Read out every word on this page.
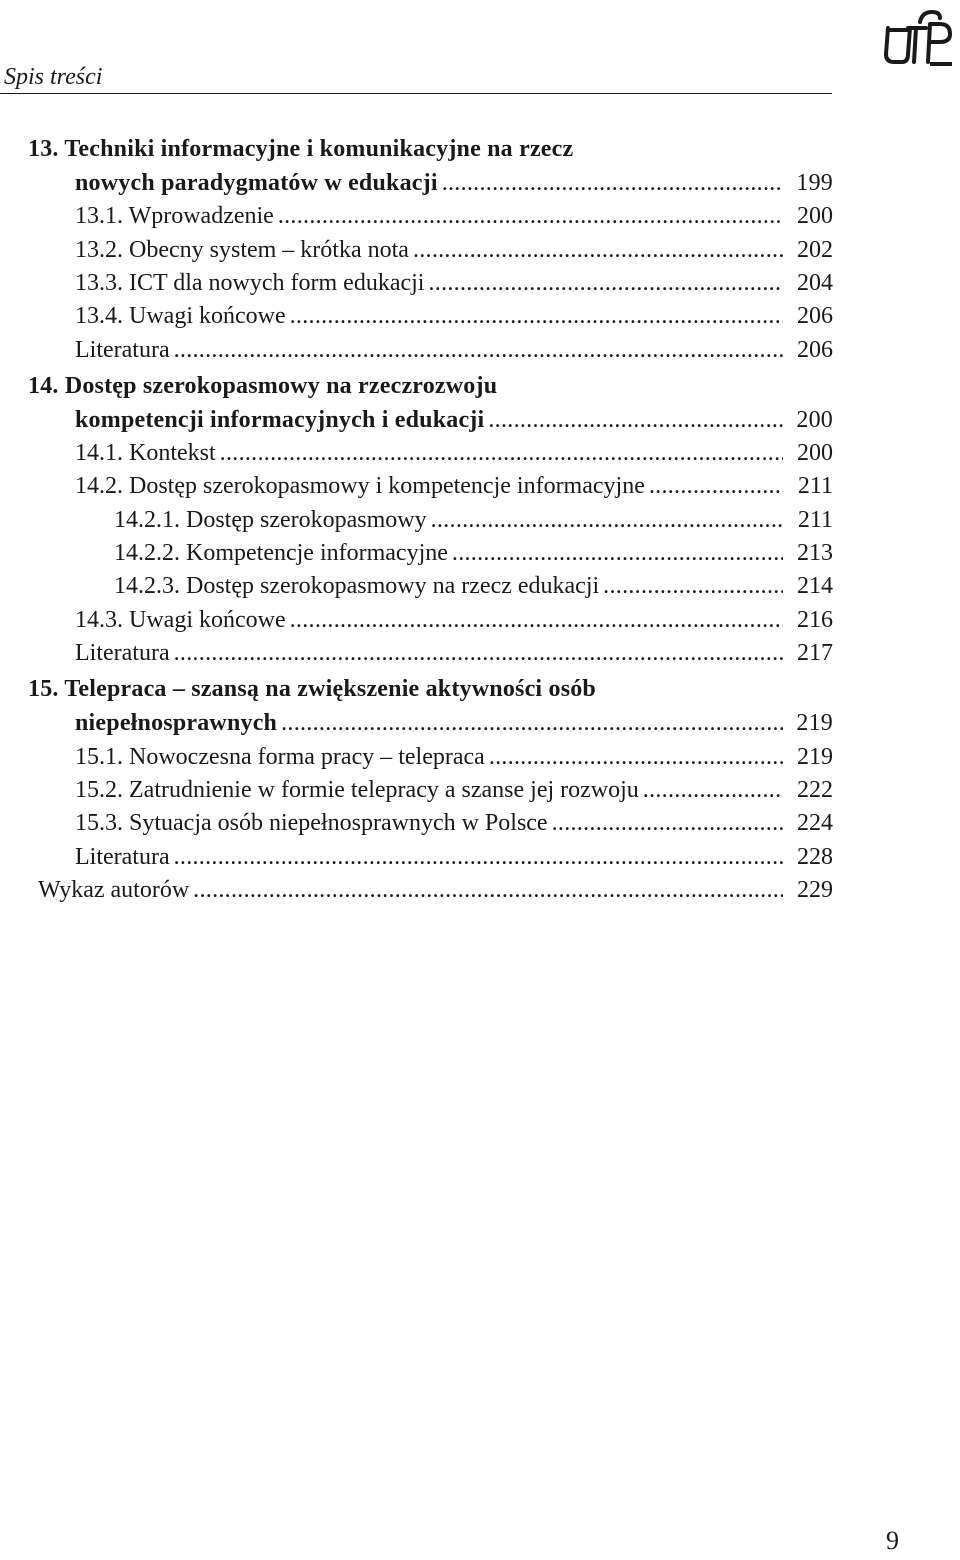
Spis treści
13. Techniki informacyjne i komunikacyjne na rzecz
nowych paradygmatów w edukacji .....	199
13.1. Wprowadzenie .....	200
13.2. Obecny system – krótka nota .....	202
13.3. ICT dla nowych form edukacji .....	204
13.4. Uwagi końcowe .....	206
Literatura .....	206
14. Dostęp szerokopasmowy na rzeczrozwoju
kompetencji informacyjnych i edukacji .....	200
14.1. Kontekst .....	200
14.2. Dostęp szerokopasmowy i kompetencje informacyjne .....	211
14.2.1. Dostęp szerokopasmowy .....	211
14.2.2. Kompetencje informacyjne .....	213
14.2.3. Dostęp szerokopasmowy na rzecz edukacji .....	214
14.3. Uwagi końcowe .....	216
Literatura .....	217
15. Telepraca – szansą na zwiększenie aktywności osób
niepełnosprawnych .....	219
15.1. Nowoczesna forma pracy – telepraca .....	219
15.2. Zatrudnienie w formie telepracy a szanse jej rozwoju .....	222
15.3. Sytuacja osób niepełnosprawnych w Polsce .....	224
Literatura .....	228
Wykaz autorów .....	229
9
